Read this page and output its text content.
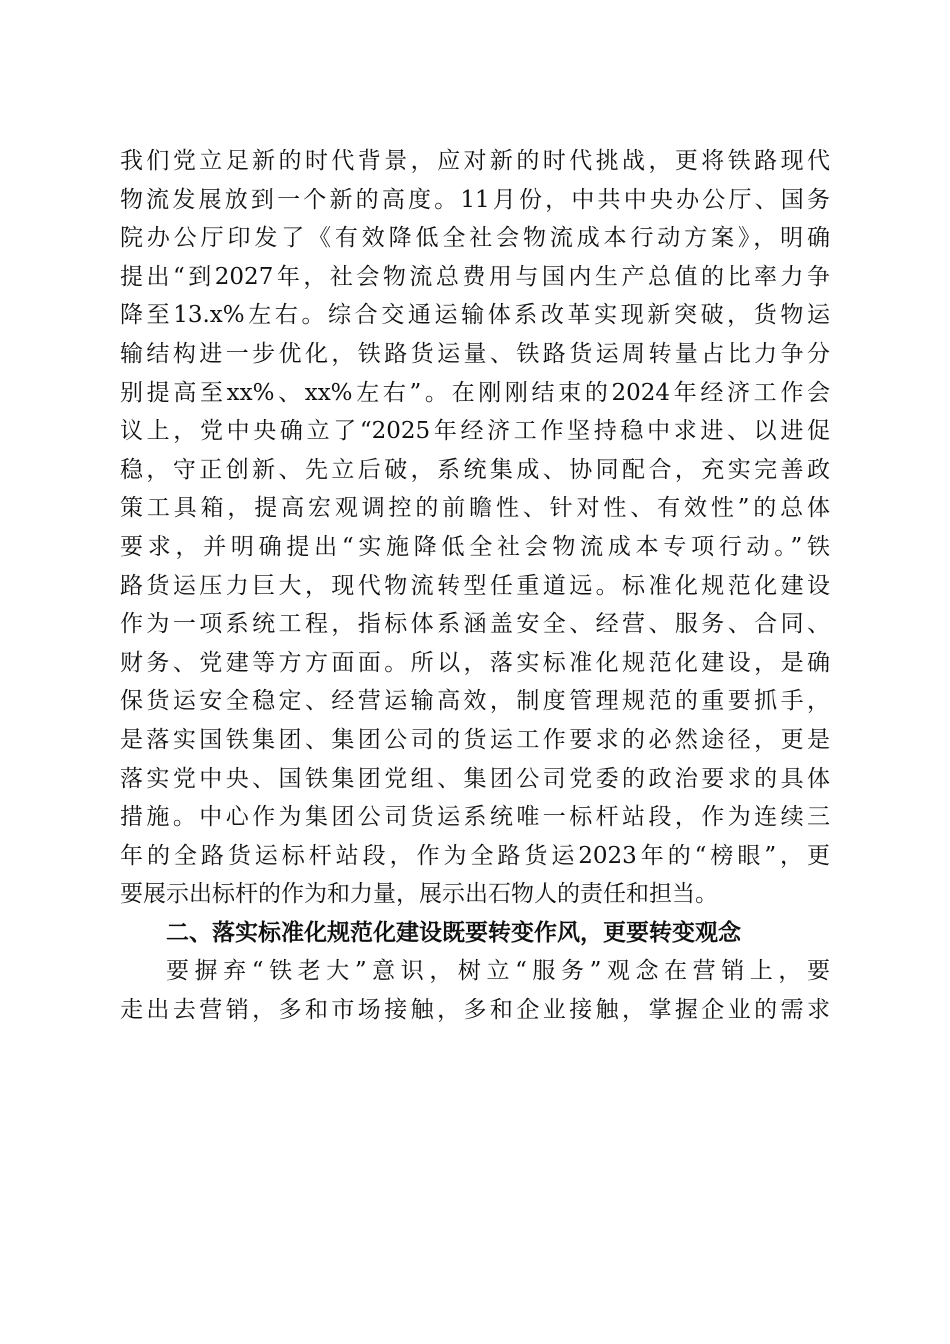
我们党立足新的时代背景，应对新的时代挑战，更将铁路现代
物流发展放到一个新的高度。11月份，中共中央办公厅、国务
院办公厅印发了《有效降低全社会物流成本行动方案》，明确
提出“到2027年，社会物流总费用与国内生产总值的比率力争
降至13.x%左右。综合交通运输体系改革实现新突破，货物运
输结构进一步优化，铁路货运量、铁路货运周转量占比力争分
别提高至xx%、xx%左右”。在刚刚结束的2024年经济工作会
议上，党中央确立了“2025年经济工作坚持稳中求进、以进促
稳，守正创新、先立后破，系统集成、协同配合，充实完善政
策工具箱，提高宏观调控的前瞻性、针对性、有效性”的总体
要求，并明确提出“实施降低全社会物流成本专项行动。”铁
路货运压力巨大，现代物流转型任重道远。标准化规范化建设
作为一项系统工程，指标体系涵盖安全、经营、服务、合同、
财务、党建等方方面面。所以，落实标准化规范化建设，是确
保货运安全稳定、经营运输高效，制度管理规范的重要抓手，
是落实国铁集团、集团公司的货运工作要求的必然途径，更是
落实党中央、国铁集团党组、集团公司党委的政治要求的具体
措施。中心作为集团公司货运系统唯一标杆站段，作为连续三
年的全路货运标杆站段，作为全路货运2023年的“榜眼”，更
要展示出标杆的作为和力量，展示出石物人的责任和担当。
二、落实标准化规范化建设既要转变作风，更要转变观念
要摒弃“铁老大”意识，树立“服务”观念在营销上，要
走出去营销，多和市场接触，多和企业接触，掌握企业的需求
